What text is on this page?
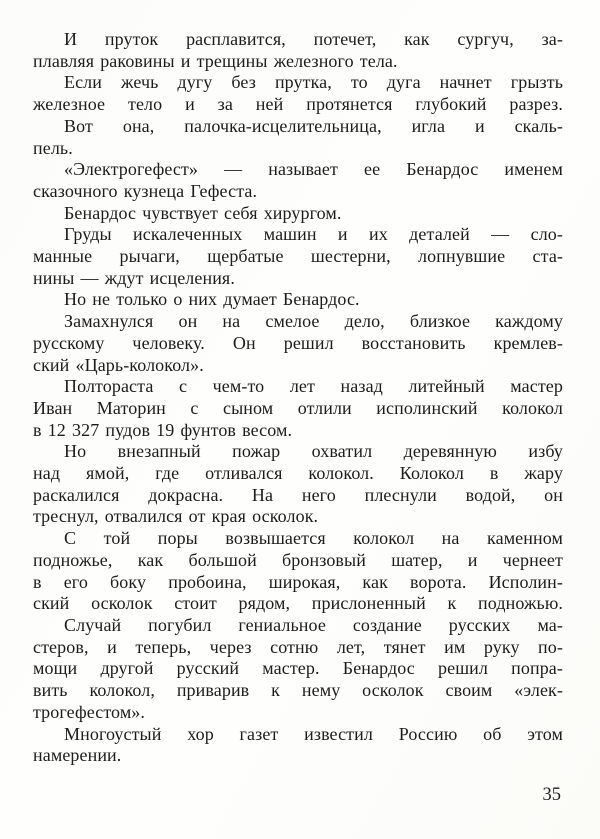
И пруток расплавится, потечет, как сургуч, за-
плавляя раковины и трещины железного тела.
Если жечь дугу без прутка, то дуга начнет грызть
железное тело и за ней протянется глубокий разрез.
Вот она, палочка-исцелительница, игла и скаль-
пель.
«Электрогефест» — называет ее Бенардос именем
сказочного кузнеца Гефеста.
Бенардос чувствует себя хирургом.
Груды искалеченных машин и их деталей — сло-
манные рычаги, щербатые шестерни, лопнувшие ста-
нины — ждут исцеления.
Но не только о них думает Бенардос.
Замахнулся он на смелое дело, близкое каждому
русскому человеку. Он решил восстановить кремлев-
ский «Царь-колокол».
Полтораста с чем-то лет назад литейный мастер
Иван Маторин с сыном отлили исполинский колокол
в 12 327 пудов 19 фунтов весом.
Но внезапный пожар охватил деревянную избу
над ямой, где отливался колокол. Колокол в жару
раскалился докрасна. На него плеснули водой, он
треснул, отвалился от края осколок.
С той поры возвышается колокол на каменном
подножье, как большой бронзовый шатер, и чернеет
в его боку пробоина, широкая, как ворота. Исполин-
ский осколок стоит рядом, прислоненный к подножью.
Случай погубил гениальное создание русских ма-
стеров, и теперь, через сотню лет, тянет им руку по-
мощи другой русский мастер. Бенардос решил попра-
вить колокол, приварив к нему осколок своим «элек-
трогефестом».
Многоустый хор газет известил Россию об этом
намерении.
35
